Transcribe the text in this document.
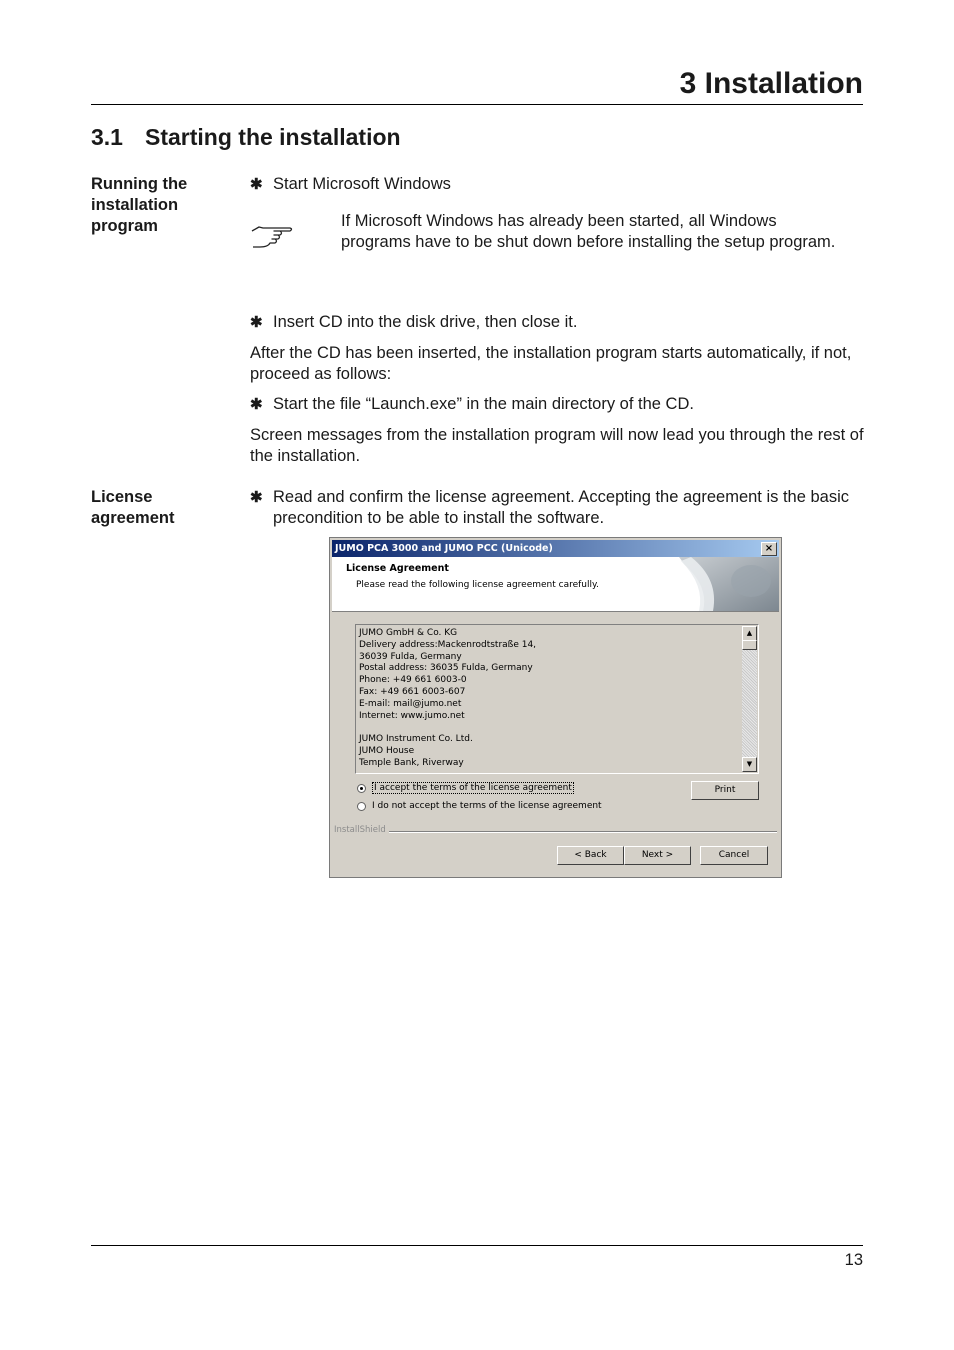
3 Installation
3.1 Starting the installation
Running the
installation
program
✱ Start Microsoft Windows
If Microsoft Windows has already been started, all Windows programs have to be shut down before installing the setup program.
✱ Insert CD into the disk drive, then close it.
After the CD has been inserted, the installation program starts automatically, if not, proceed as follows:
✱ Start the file “Launch.exe” in the main directory of the CD.
Screen messages from the installation program will now lead you through the rest of the installation.
License
agreement
✱ Read and confirm the license agreement. Accepting the agreement is the basic precondition to be able to install the software.
JUMO PCA 3000 and JUMO PCC (Unicode)	×
License Agreement
Please read the following license agreement carefully.
JUMO GmbH & Co. KG
Delivery address:Mackenrodtstraße 14,
36039 Fulda, Germany
Postal address: 36035 Fulda, Germany
Phone: +49 661 6003-0
Fax: +49 661 6003-607
E-mail: mail@jumo.net
Internet: www.jumo.net
JUMO Instrument Co. Ltd.
JUMO House
Temple Bank, Riverway
▲
▼
I accept the terms of the license agreement
I do not accept the terms of the license agreement
Print
InstallShield
< Back	Next >	Cancel
13
